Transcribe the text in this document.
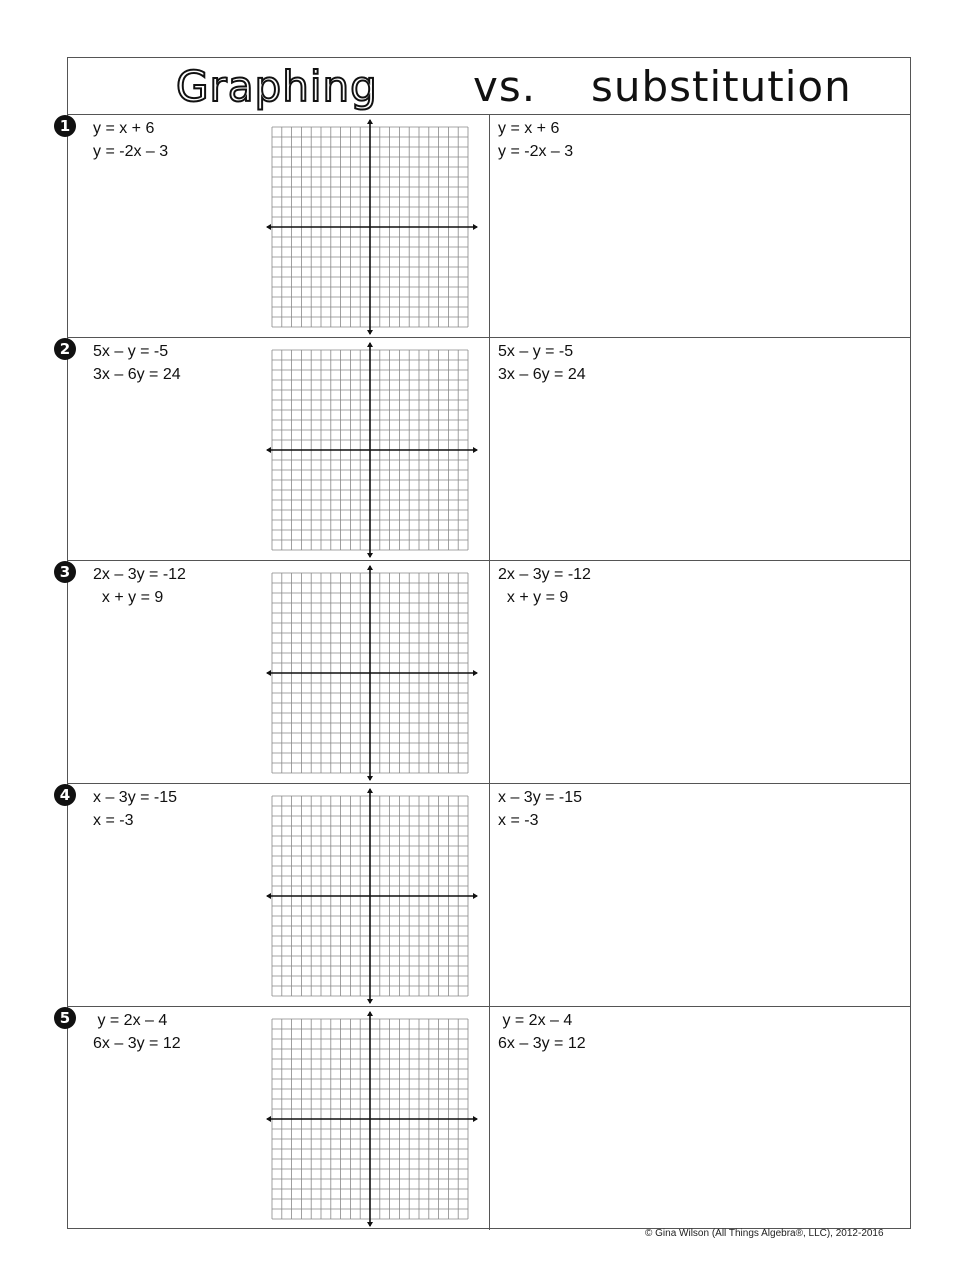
Graphing vs. substitution
y = x + 6
y = -2x – 3
y = x + 6
y = -2x – 3
5x – y = -5
3x – 6y = 24
5x – y = -5
3x – 6y = 24
2x – 3y = -12
x + y = 9
2x – 3y = -12
x + y = 9
x – 3y = -15
x = -3
x – 3y = -15
x = -3
y = 2x – 4
6x – 3y = 12
y = 2x – 4
6x – 3y = 12
© Gina Wilson (All Things Algebra®, LLC), 2012-2016
1
2
3
4
5
